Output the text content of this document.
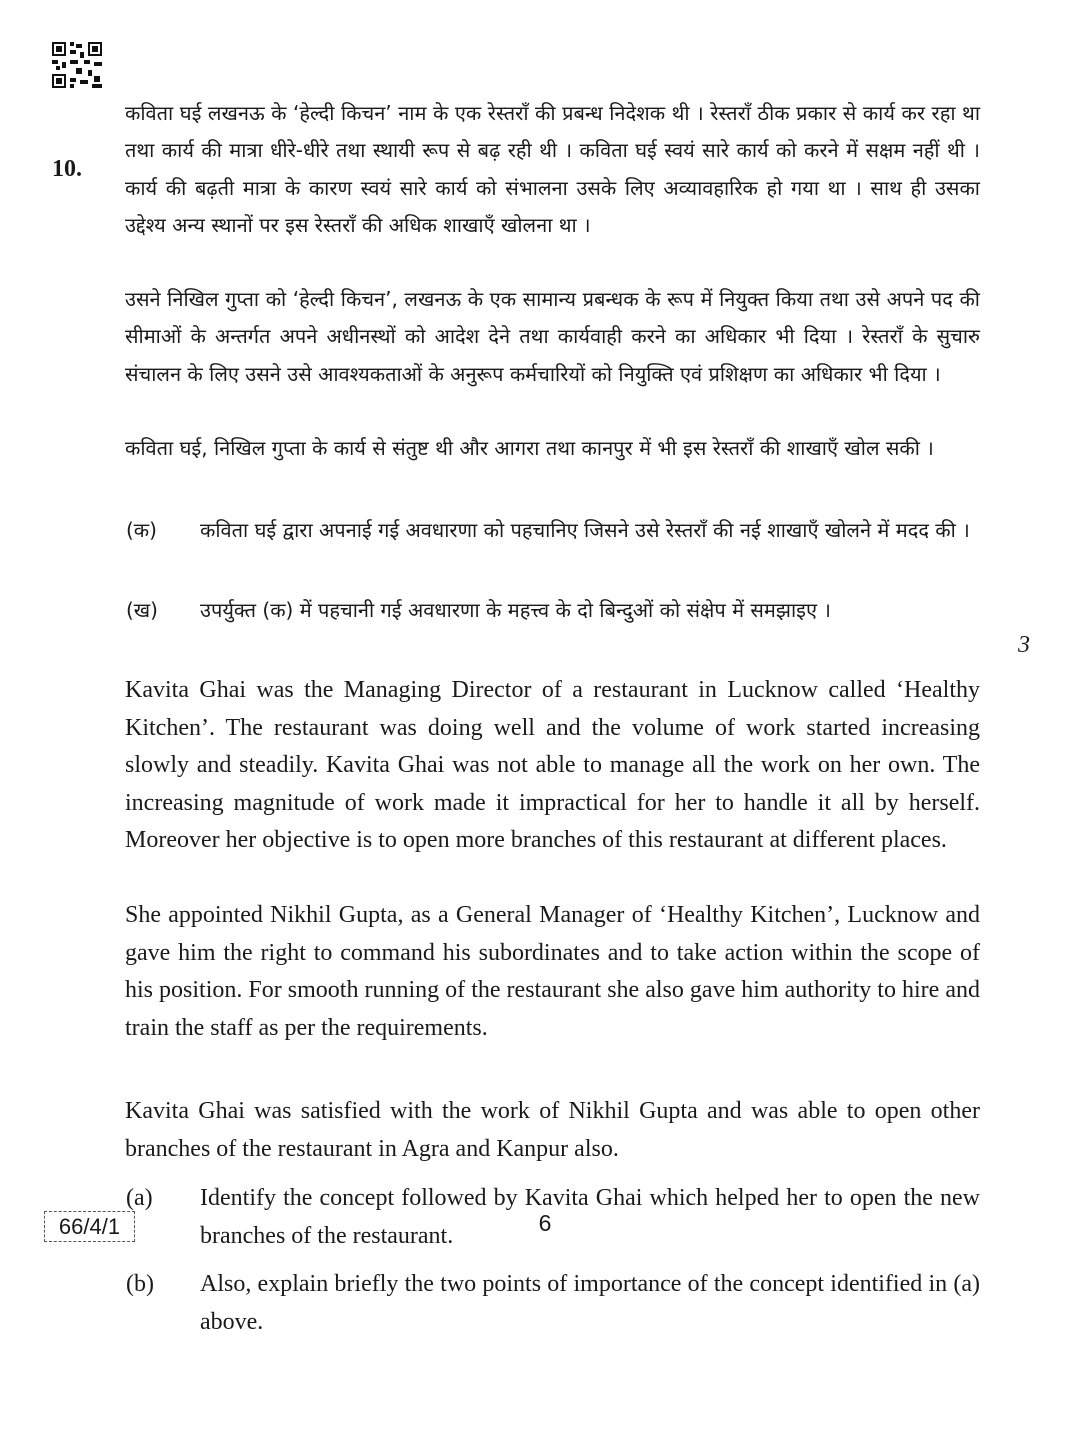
10.

कविता घई लखनऊ के ‘हेल्दी किचन’ नाम के एक रेस्तराँ की प्रबन्ध निदेशक थी । रेस्तराँ ठीक प्रकार से कार्य कर रहा था तथा कार्य की मात्रा धीरे-धीरे तथा स्थायी रूप से बढ़ रही थी । कविता घई स्वयं सारे कार्य को करने में सक्षम नहीं थी । कार्य की बढ़ती मात्रा के कारण स्वयं सारे कार्य को संभालना उसके लिए अव्यावहारिक हो गया था । साथ ही उसका उद्देश्य अन्य स्थानों पर इस रेस्तराँ की अधिक शाखाएँ खोलना था ।

उसने निखिल गुप्ता को ‘हेल्दी किचन’, लखनऊ के एक सामान्य प्रबन्धक के रूप में नियुक्त किया तथा उसे अपने पद की सीमाओं के अन्तर्गत अपने अधीनस्थों को आदेश देने तथा कार्यवाही करने का अधिकार भी दिया । रेस्तराँ के सुचारु संचालन के लिए उसने उसे आवश्यकताओं के अनुरूप कर्मचारियों को नियुक्ति एवं प्रशिक्षण का अधिकार भी दिया ।

कविता घई, निखिल गुप्ता के कार्य से संतुष्ट थी और आगरा तथा कानपुर में भी इस रेस्तराँ की शाखाएँ खोल सकी ।

(क) कविता घई द्वारा अपनाई गई अवधारणा को पहचानिए जिसने उसे रेस्तराँ की नई शाखाएँ खोलने में मदद की ।

(ख) उपर्युक्त (क) में पहचानी गई अवधारणा के महत्त्व के दो बिन्दुओं को संक्षेप में समझाइए ।

3

Kavita Ghai was the Managing Director of a restaurant in Lucknow called ‘Healthy Kitchen’. The restaurant was doing well and the volume of work started increasing slowly and steadily. Kavita Ghai was not able to manage all the work on her own. The increasing magnitude of work made it impractical for her to handle it all by herself. Moreover her objective is to open more branches of this restaurant at different places.

She appointed Nikhil Gupta, as a General Manager of ‘Healthy Kitchen’, Lucknow and gave him the right to command his subordinates and to take action within the scope of his position. For smooth running of the restaurant she also gave him authority to hire and train the staff as per the requirements.

Kavita Ghai was satisfied with the work of Nikhil Gupta and was able to open other branches of the restaurant in Agra and Kanpur also.

(a) Identify the concept followed by Kavita Ghai which helped her to open the new branches of the restaurant.

(b) Also, explain briefly the two points of importance of the concept identified in (a) above.

66/4/1	6
